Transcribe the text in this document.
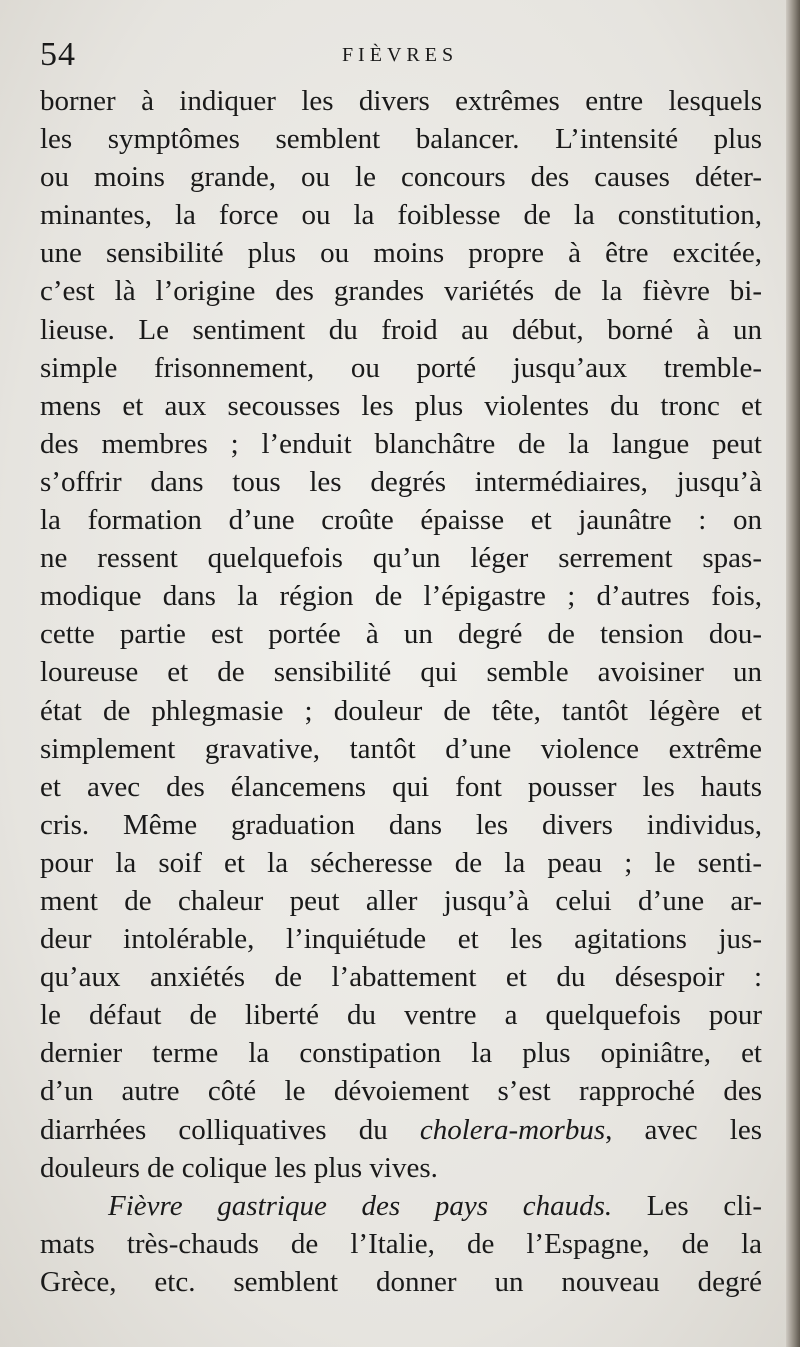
54	FIÈVRES
borner à indiquer les divers extrêmes entre lesquels
les symptômes semblent balancer. L’intensité plus
ou moins grande, ou le concours des causes déter-
minantes, la force ou la foiblesse de la constitution,
une sensibilité plus ou moins propre à être excitée,
c’est là l’origine des grandes variétés de la fièvre bi-
lieuse. Le sentiment du froid au début, borné à un
simple frisonnement, ou porté jusqu’aux tremble-
mens et aux secousses les plus violentes du tronc et
des membres ; l’enduit blanchâtre de la langue peut
s’offrir dans tous les degrés intermédiaires, jusqu’à
la formation d’une croûte épaisse et jaunâtre : on
ne ressent quelquefois qu’un léger serrement spas-
modique dans la région de l’épigastre ; d’autres fois,
cette partie est portée à un degré de tension dou-
loureuse et de sensibilité qui semble avoisiner un
état de phlegmasie ; douleur de tête, tantôt légère et
simplement gravative, tantôt d’une violence extrême
et avec des élancemens qui font pousser les hauts
cris. Même graduation dans les divers individus,
pour la soif et la sécheresse de la peau ; le senti-
ment de chaleur peut aller jusqu’à celui d’une ar-
deur intolérable, l’inquiétude et les agitations jus-
qu’aux anxiétés de l’abattement et du désespoir :
le défaut de liberté du ventre a quelquefois pour
dernier terme la constipation la plus opiniâtre, et
d’un autre côté le dévoiement s’est rapproché des
diarrhées colliquatives du cholera-morbus, avec les
douleurs de colique les plus vives.
Fièvre gastrique des pays chauds. Les cli-
mats très-chauds de l’Italie, de l’Espagne, de la
Grèce, etc. semblent donner un nouveau degré
